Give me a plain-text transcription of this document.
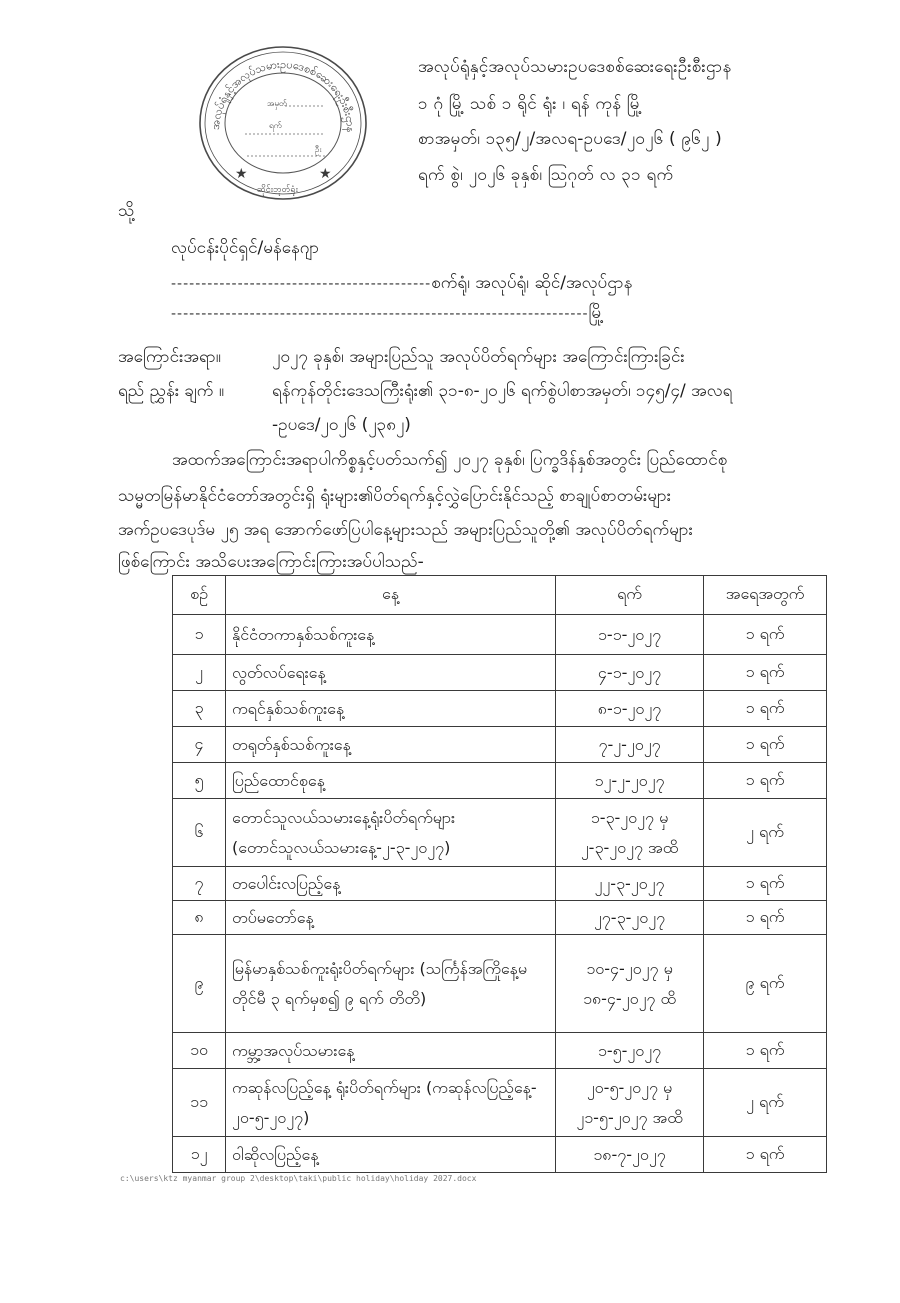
အလုပ်ရုံနှင့်အလုပ်သမားဥပဒေစစ်ဆေးရေးဦးစီးဌာန
အမှတ်
ရက်
ဦး
★	★
ဆိုင်းဘုတ်ရုံး
အလုပ်ရုံနှင့်အလုပ်သမားဥပဒေစစ်ဆေးရေးဦးစီးဌာန
၁ ဂုံ မြို့ သစ် ၁ ရိုင် ရုံး ၊ ရန် ကုန် မြို့
စာအမှတ်၊ ၁၃၅/၂/အလရ-ဥပဒေ/၂၀၂၆ ( ၉၆၂ )
ရက် စွဲ၊ ၂၀၂၆ ခုနှစ်၊ ဩဂုတ် လ ၃၁ ရက်
သို့
လုပ်ငန်းပိုင်ရှင်/မန်နေဂျာ
-------------------------------------------စက်ရုံ၊ အလုပ်ရုံ၊ ဆိုင်/အလုပ်ဌာန
---------------------------------------------------------------------မြို့
အကြောင်းအရာ။	၂၀၂၇ ခုနှစ်၊ အများပြည်သူ အလုပ်ပိတ်ရက်များ အကြောင်းကြားခြင်း
ရည် ညွှန်း ချက် ။	ရန်ကုန်တိုင်းဒေသကြီးရုံး၏ ၃၁-၈-၂၀၂၆ ရက်စွဲပါစာအမှတ်၊ ၁၄၅/၄/ အလရ
-ဥပဒေ/၂၀၂၆ (၂၃၈၂)
အထက်အကြောင်းအရာပါကိစ္စနှင့်ပတ်သက်၍ ၂၀၂၇ ခုနှစ်၊ ပြက္ခဒိန်နှစ်အတွင်း ပြည်ထောင်စု
သမ္မတမြန်မာနိုင်ငံတော်အတွင်းရှိ ရုံးများ၏ပိတ်ရက်နှင့်လွှဲပြောင်းနိုင်သည့် စာချုပ်စာတမ်းများ
အက်ဥပဒေပုဒ်မ ၂၅ အရ အောက်ဖော်ပြပါနေ့များသည် အများပြည်သူတို့၏ အလုပ်ပိတ်ရက်များ
ဖြစ်ကြောင်း အသိပေးအကြောင်းကြားအပ်ပါသည်-
စဉ်	နေ့	ရက်	အရေအတွက်
၁	နိုင်ငံတကာနှစ်သစ်ကူးနေ့	၁-၁-၂၀၂၇	၁ ရက်
၂	လွတ်လပ်ရေးနေ့	၄-၁-၂၀၂၇	၁ ရက်
၃	ကရင်နှစ်သစ်ကူးနေ့	၈-၁-၂၀၂၇	၁ ရက်
၄	တရုတ်နှစ်သစ်ကူးနေ့	၇-၂-၂၀၂၇	၁ ရက်
၅	ပြည်ထောင်စုနေ့	၁၂-၂-၂၀၂၇	၁ ရက်
၆	တောင်သူလယ်သမားနေ့ရုံးပိတ်ရက်များ (တောင်သူလယ်သမားနေ့-၂-၃-၂၀၂၇)	၁-၃-၂၀၂၇ မှ ၂-၃-၂၀၂၇ အထိ	၂ ရက်
၇	တပေါင်းလပြည့်နေ့	၂၂-၃-၂၀၂၇	၁ ရက်
၈	တပ်မတော်နေ့	၂၇-၃-၂၀၂၇	၁ ရက်
၉	မြန်မာနှစ်သစ်ကူးရုံးပိတ်ရက်များ (သင်္ကြန်အကြိုနေ့မတိုင်မီ ၃ ရက်မှစ၍ ၉ ရက် တိတိ)	၁၀-၄-၂၀၂၇ မှ ၁၈-၄-၂၀၂၇ ထိ	၉ ရက်
၁၀	ကမ္ဘာ့အလုပ်သမားနေ့	၁-၅-၂၀၂၇	၁ ရက်
၁၁	ကဆုန်လပြည့်နေ့ ရုံးပိတ်ရက်များ (ကဆုန်လပြည့်နေ့- ၂၀-၅-၂၀၂၇)	၂၀-၅-၂၀၂၇ မှ ၂၁-၅-၂၀၂၇ အထိ	၂ ရက်
၁၂	ဝါဆိုလပြည့်နေ့	၁၈-၇-၂၀၂၇	၁ ရက်
c:\users\ktz myanmar group 2\desktop\taki\public holiday\holiday 2027.docx
